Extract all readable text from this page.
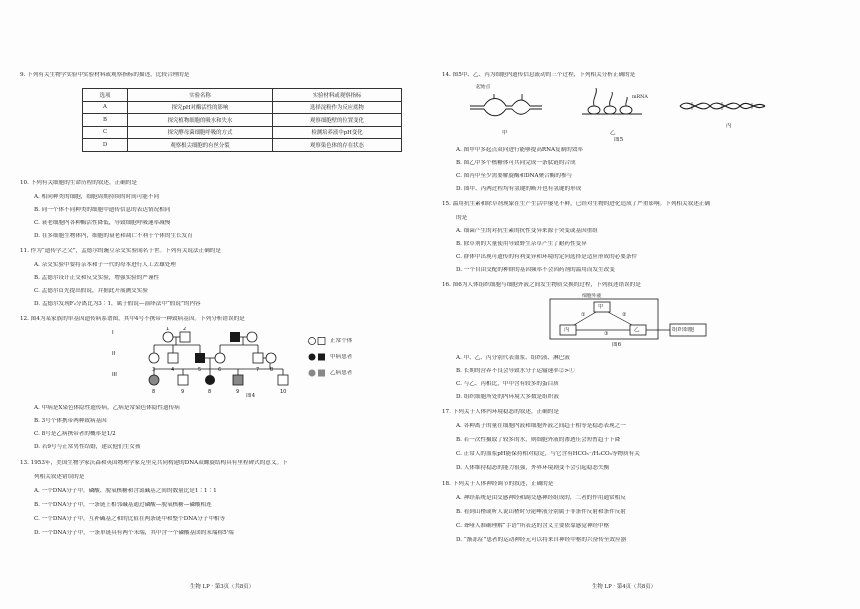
9. 下列有关生物学实验中实验材料或观察指标的描述，比较合理的是
选项	实验名称	实验材料或观察指标
A	探究pH对酶活性的影响	选择淀粉作为反应底物
B	探究植物细胞的吸水和失水	观察细胞壁的位置变化
C	探究酵母菌细胞呼吸的方式	检测培养液中pH变化
D	观察根尖细胞的有丝分裂	观察染色体的存在状态
10. 下列有关细胞的生命历程的叙述，正确的是
A. 相同种类的细胞，细胞周期持续的时间可能不同
B. 同一个体不同种类的细胞中遗传信息的表达情况相同
C. 衰老细胞内各种酶活性降低，导致细胞呼吸速率减慢
D. 在多细胞生物体内，细胞的衰老和凋亡不利于个体的生长发育
11. 作为“遗传学之父”，孟德尔的豌豆杂交实验闻名于世。下列有关说法正确的是
A. 杂交实验中要将亲本和子一代的母本进行人工去雄处理
B. 孟德尔设计正交和反交实验，增强实验的严谨性
C. 孟德尔首先提出假说，并据此开展测交实验
D. 孟德尔发现F₂分离比为3∶1，属于假说—演绎法中“假说”的内容
12. 图4为某家族的单基因遗传病系谱图，其中4号不携带一种致病基因。下列分析错误的是
1	2
3	4	5	6	7 8
8	9	8	9	10
I
II
III
正常个体
甲病患者
乙病患者
图4
A. 甲病是X染色体隐性遗传病，乙病是常染色体隐性遗传病
B. 3号个体携带两种致病基因
C. 8号是乙病携带者的概率是1/2
D. 若9号与正常男性结婚，建议他们生女孩
13. 1953年，美国生物学家沃森和英国物理学家克里克共同构建的DNA双螺旋结构具有里程碑式的意义。下
列相关叙述错误的是
A. 一个DNA分子中，磷酸、脱氧核糖和含氮碱基之间的数量比是1∶1∶1
B. 一个DNA分子中，一条链上相邻碱基通过磷酸—脱氧核糖—磷酸相连
C. 一个DNA分子中，互补碱基之和的比值在两条链中和整个DNA分子中相等
D. 一个DNA分子中，一条单链具有两个末端，其中含一个磷酸基团的末端称5'端
生物 LP · 第3页（共8页）
14. 图5甲、乙、丙为细胞内遗传信息流动的三个过程，下列相关分析正确的是
起始点
甲	乙
丙
mRNA
图5
A. 图甲中多起点双向进行能够提高RNA复制的效率
B. 图乙中多个核糖体可共同完成一条肽链的合成
C. 图丙中至少需要解旋酶和DNA聚合酶的参与
D. 图甲、丙两过程均有氢键的断开也有氢键的形成
15. 滥用抗生素和除草剂现象在生产生活中屡见不鲜，已经对生物的进化造成了严重影响。下列相关叙述正确
的是
A. 细菌产生的对抗生素的抗性变异来源于突变或基因重组
B. 除草剂的大量使用导致野生杂草产生了耐药性变异
C. 群体中出现可遗传的有利变异和环境的定向选择是适应形成的必要条件
D. 一个自由交配的种群的基因频率不会因药剂的滥用而发生改变
16. 图6为人体组织细胞与细胞外液之间发生物质交换的过程，下列叙述错误的是
细胞外液
甲
丙	乙	组织细胞
①	②
③
图6
A. 甲、乙、丙分别代表血浆、组织液、淋巴液
B. 长期的营养不良会导致水分子运输速率②>①
C. 与乙、丙相比，甲中含有较多的蛋白质
D. 组织细胞所处的内环境大多数是组织液
17. 下列关于人体内环境稳态的叙述，正确的是
A. 各种离子的量在细胞内液和细胞外液之间趋于相等是稳态表现之一
B. 若一次性摄取了较多的水，则细胞外液的渗透压会短暂趋于下降
C. 正常人的血浆pH能保持相对稳定，与它含有HCO₃⁻/H₂CO₃等物质有关
D. 人体维持稳态的能力很强，外界环境剧变不会引起稳态失衡
18. 下列关于人体神经调节的叙述，正确的是
A. 神经系统是由交感神经和副交感神经组成的，二者的作用通常相反
B. 看到山楂或听人说山楂时分泌唾液分别属于非条件反射和条件反射
C. 聋哑人准确理解“手语”所表达的含义主要依靠感觉神经中枢
D. “渐冻症”患者的运动神经元可以将来自神经中枢的兴奋传至效应器
生物 LP · 第4页（共8页）
